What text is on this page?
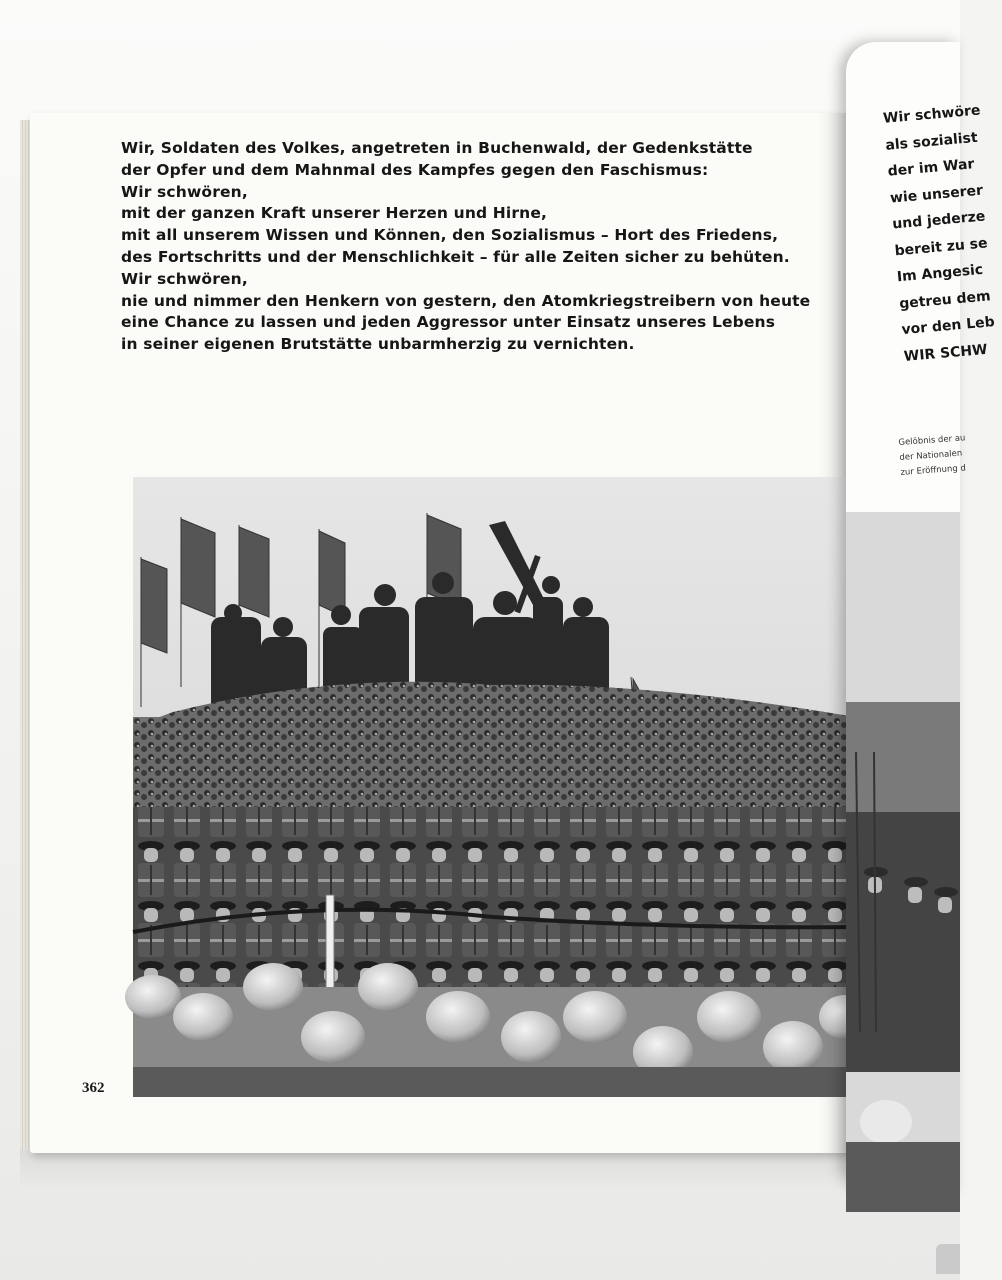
Wir, Soldaten des Volkes, angetreten in Buchenwald, der Gedenkstätte
der Opfer und dem Mahnmal des Kampfes gegen den Faschismus:
Wir schwören,
mit der ganzen Kraft unserer Herzen und Hirne,
mit all unserem Wissen und Können, den Sozialismus – Hort des Friedens,
des Fortschritts und der Menschlichkeit – für alle Zeiten sicher zu behüten.
Wir schwören,
nie und nimmer den Henkern von gestern, den Atomkriegstreibern von heute
eine Chance zu lassen und jeden Aggressor unter Einsatz unseres Lebens
in seiner eigenen Brutstätte unbarmherzig zu vernichten.
362
Wir schwöre
als sozialist
der im War
wie unserer
und jederze
bereit zu se
Im Angesic
getreu dem
vor den Leb
WIR SCHW
Gelöbnis der au
der Nationalen
zur Eröffnung d
